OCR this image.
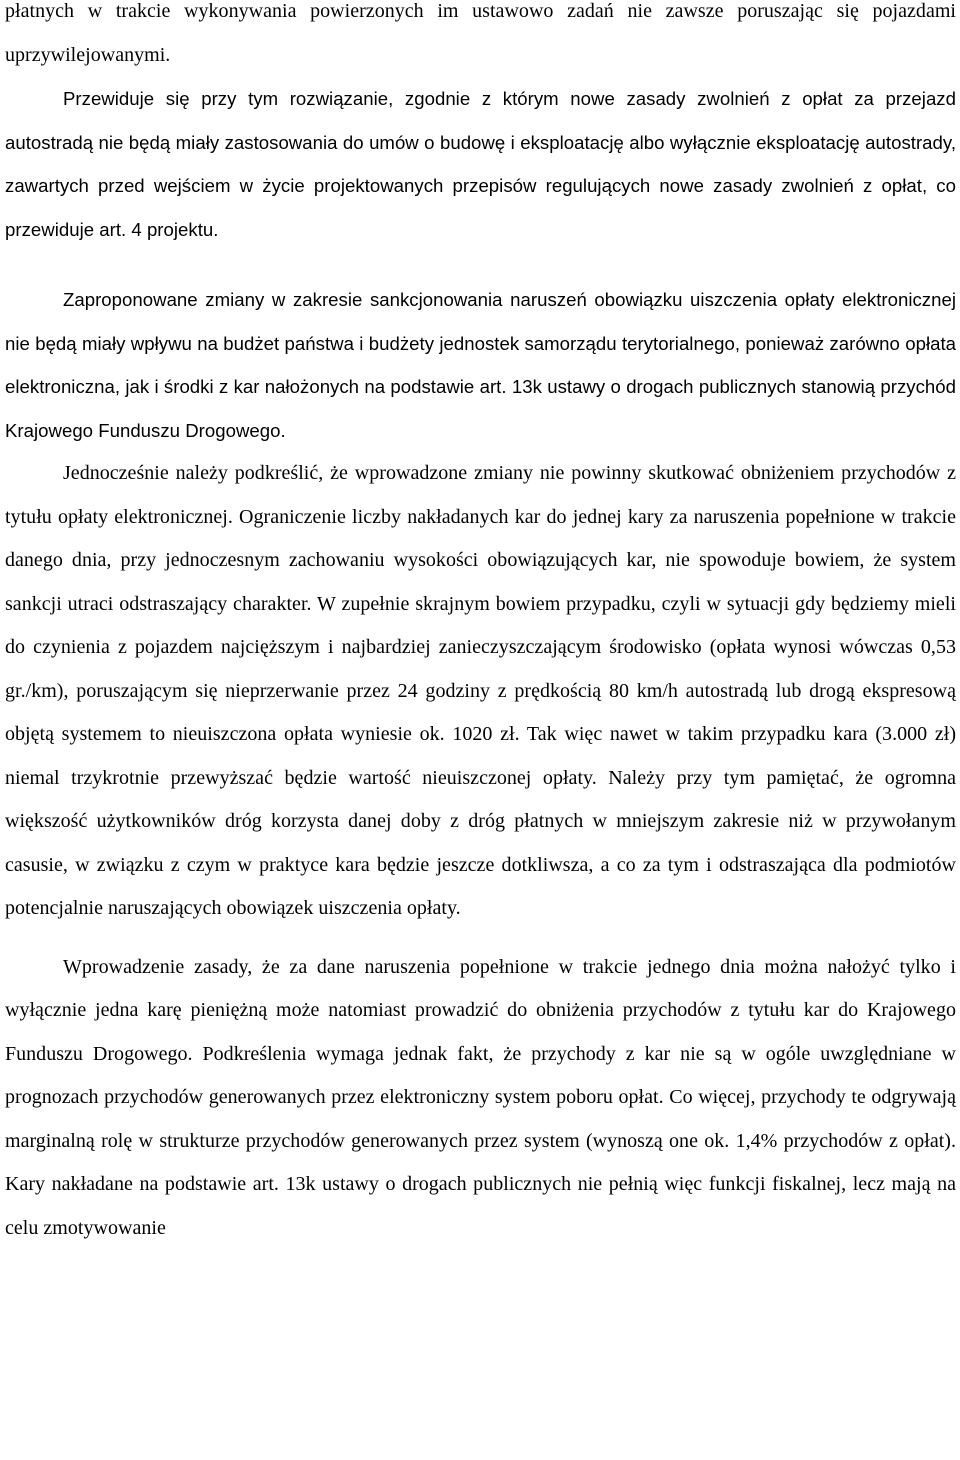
płatnych w trakcie wykonywania powierzonych im ustawowo zadań nie zawsze poruszając się pojazdami uprzywilejowanymi.

Przewiduje się przy tym rozwiązanie, zgodnie z którym nowe zasady zwolnień z opłat za przejazd autostradą nie będą miały zastosowania do umów o budowę i eksploatację albo wyłącznie eksploatację autostrady, zawartych przed wejściem w życie projektowanych przepisów regulujących nowe zasady zwolnień z opłat, co przewiduje art. 4 projektu.

Zaproponowane zmiany w zakresie sankcjonowania naruszeń obowiązku uiszczenia opłaty elektronicznej nie będą miały wpływu na budżet państwa i budżety jednostek samorządu terytorialnego, ponieważ zarówno opłata elektroniczna, jak i środki z kar nałożonych na podstawie art. 13k ustawy o drogach publicznych stanowią przychód Krajowego Funduszu Drogowego.

Jednocześnie należy podkreślić, że wprowadzone zmiany nie powinny skutkować obniżeniem przychodów z tytułu opłaty elektronicznej. Ograniczenie liczby nakładanych kar do jednej kary za naruszenia popełnione w trakcie danego dnia, przy jednoczesnym zachowaniu wysokości obowiązujących kar, nie spowoduje bowiem, że system sankcji utraci odstraszający charakter. W zupełnie skrajnym bowiem przypadku, czyli w sytuacji gdy będziemy mieli do czynienia z pojazdem najcięższym i najbardziej zanieczyszczającym środowisko (opłata wynosi wówczas 0,53 gr./km), poruszającym się nieprzerwanie przez 24 godziny z prędkością 80 km/h autostradą lub drogą ekspresową objętą systemem to nieuiszczona opłata wyniesie ok. 1020 zł. Tak więc nawet w takim przypadku kara (3.000 zł) niemal trzykrotnie przewyższać będzie wartość nieuiszczonej opłaty. Należy przy tym pamiętać, że ogromna większość użytkowników dróg korzysta danej doby z dróg płatnych w mniejszym zakresie niż w przywołanym casusie, w związku z czym w praktyce kara będzie jeszcze dotkliwsza, a co za tym i odstraszająca dla podmiotów potencjalnie naruszających obowiązek uiszczenia opłaty.

Wprowadzenie zasady, że za dane naruszenia popełnione w trakcie jednego dnia można nałożyć tylko i wyłącznie jedna karę pieniężną może natomiast prowadzić do obniżenia przychodów z tytułu kar do Krajowego Funduszu Drogowego. Podkreślenia wymaga jednak fakt, że przychody z kar nie są w ogóle uwzględniane w prognozach przychodów generowanych przez elektroniczny system poboru opłat. Co więcej, przychody te odgrywają marginalną rolę w strukturze przychodów generowanych przez system (wynoszą one ok. 1,4% przychodów z opłat). Kary nakładane na podstawie art. 13k ustawy o drogach publicznych nie pełnią więc funkcji fiskalnej, lecz mają na celu zmotywowanie
